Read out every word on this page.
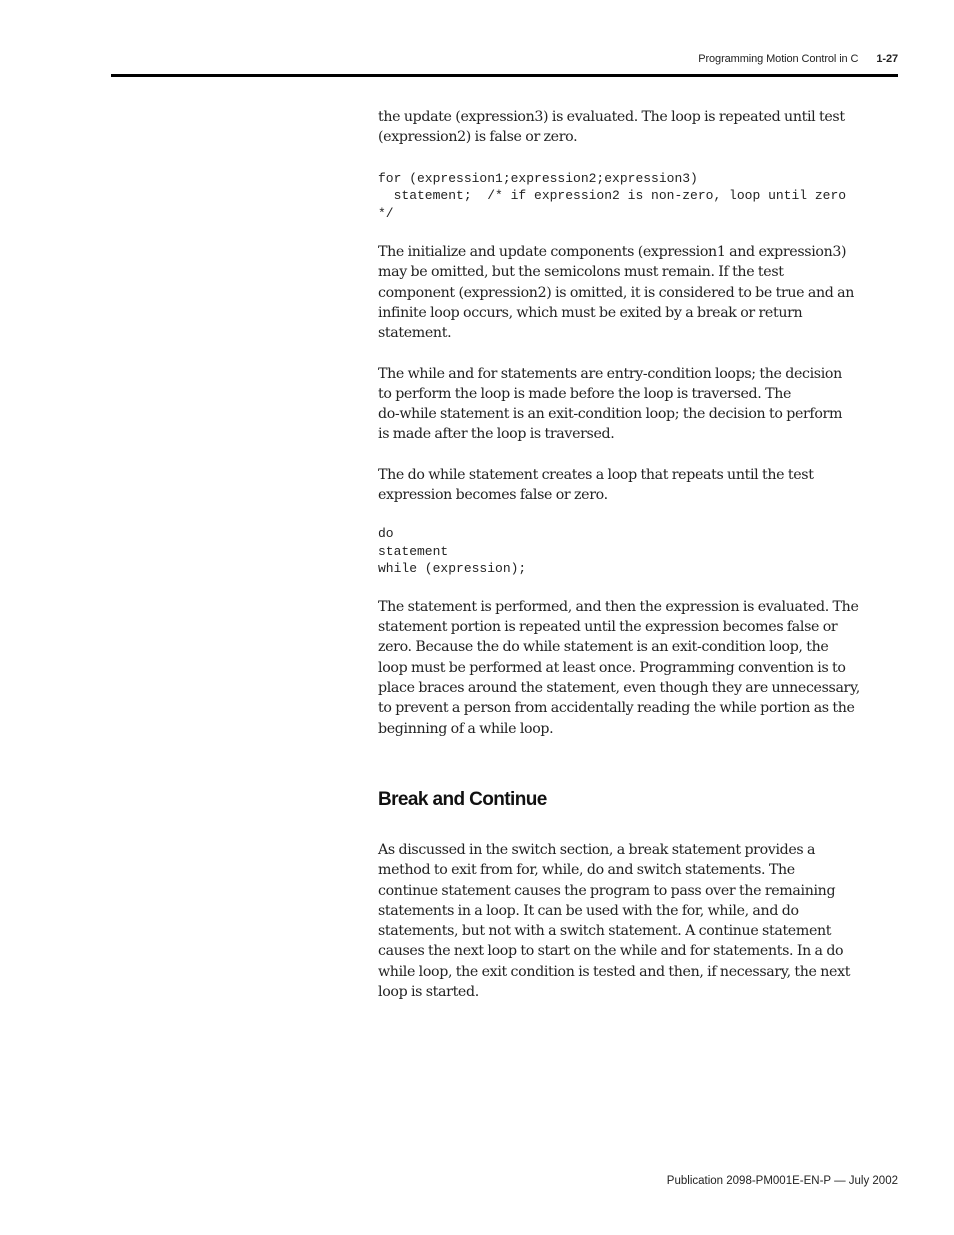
Programming Motion Control in C 1-27

the update (expression3) is evaluated. The loop is repeated until test
(expression2) is false or zero.

for (expression1;expression2;expression3)
statement;  /* if expression2 is non-zero, loop until zero
*/

The initialize and update components (expression1 and expression3)
may be omitted, but the semicolons must remain. If the test
component (expression2) is omitted, it is considered to be true and an
infinite loop occurs, which must be exited by a break or return
statement.

The while and for statements are entry-condition loops; the decision
to perform the loop is made before the loop is traversed. The
do-while statement is an exit-condition loop; the decision to perform
is made after the loop is traversed.

The do while statement creates a loop that repeats until the test
expression becomes false or zero.

do
statement
while (expression);

The statement is performed, and then the expression is evaluated. The
statement portion is repeated until the expression becomes false or
zero. Because the do while statement is an exit-condition loop, the
loop must be performed at least once. Programming convention is to
place braces around the statement, even though they are unnecessary,
to prevent a person from accidentally reading the while portion as the
beginning of a while loop.

Break and Continue

As discussed in the switch section, a break statement provides a
method to exit from for, while, do and switch statements. The
continue statement causes the program to pass over the remaining
statements in a loop. It can be used with the for, while, and do
statements, but not with a switch statement. A continue statement
causes the next loop to start on the while and for statements. In a do
while loop, the exit condition is tested and then, if necessary, the next
loop is started.

Publication 2098-PM001E-EN-P — July 2002
